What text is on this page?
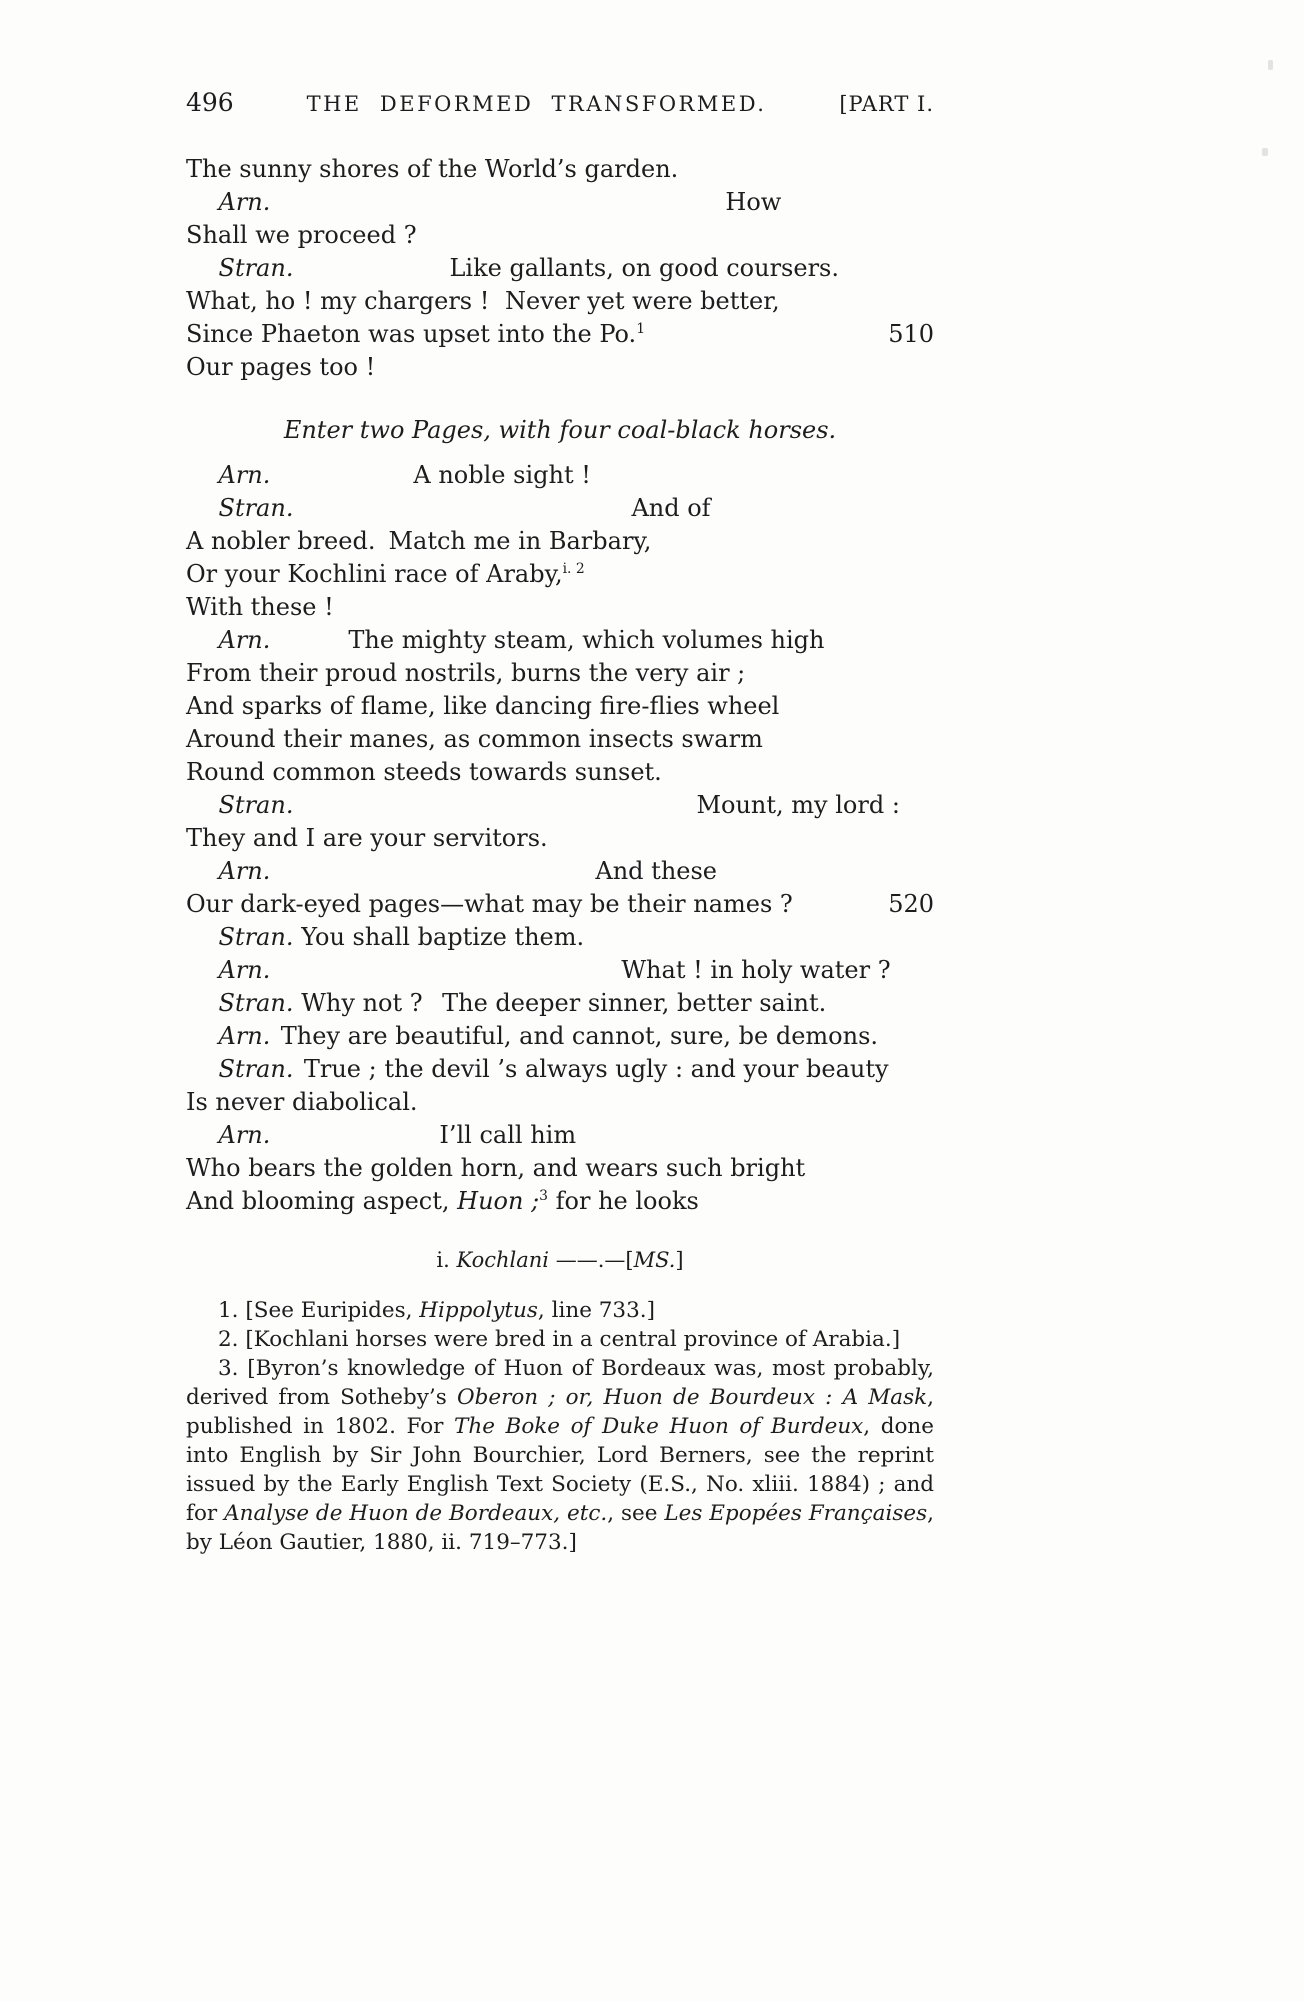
496	THE DEFORMED TRANSFORMED.	[PART I.
The sunny shores of the World’s garden.
Arn.	How
Shall we proceed ?
Stran.	Like gallants, on good coursers.
What, ho ! my chargers ! Never yet were better,
Since Phaeton was upset into the Po.$^1$	510
Our pages too !
Enter two Pages, with four coal-black horses.
Arn.	A noble sight !
Stran.	And of
A nobler breed. Match me in Barbary,
Or your Kochlini race of Araby,$^{i. 2}$
With these !
Arn.	The mighty steam, which volumes high
From their proud nostrils, burns the very air ;
And sparks of flame, like dancing fire-flies wheel
Around their manes, as common insects swarm
Round common steeds towards sunset.
Stran.	Mount, my lord :
They and I are your servitors.
Arn.	And these
Our dark-eyed pages—what may be their names ?	520
Stran. You shall baptize them.
Arn.	What ! in holy water ?
Stran. Why not ? The deeper sinner, better saint.
Arn. They are beautiful, and cannot, sure, be demons.
Stran. True ; the devil ’s always ugly : and your beauty
Is never diabolical.
Arn.	I’ll call him
Who bears the golden horn, and wears such bright
And blooming aspect, Huon ;$^3$ for he looks
i. Kochlani ——.—[MS.]

1. [See Euripides, Hippolytus, line 733.]

2. [Kochlani horses were bred in a central province of Arabia.]

3. [Byron’s knowledge of Huon of Bordeaux was, most probably, derived from Sotheby’s Oberon ; or, Huon de Bourdeux : A Mask, published in 1802. For The Boke of Duke Huon of Burdeux, done into English by Sir John Bourchier, Lord Berners, see the reprint issued by the Early English Text Society (E.S., No. xliii. 1884) ; and for Analyse de Huon de Bordeaux, etc., see Les Epopées Françaises, by Léon Gautier, 1880, ii. 719–773.]
